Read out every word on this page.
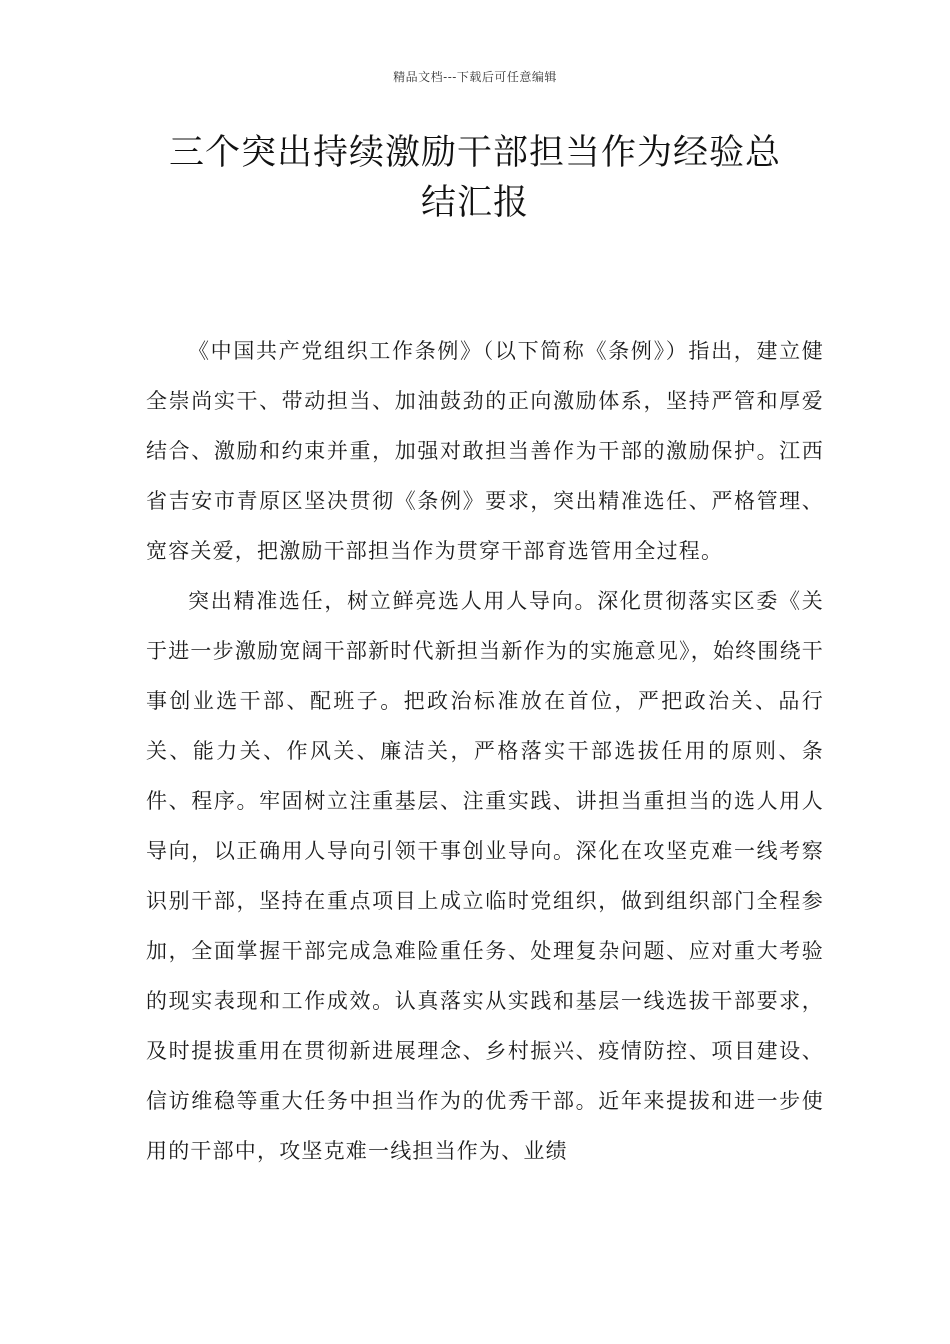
精品文档---下载后可任意编辑
三个突出持续激励干部担当作为经验总
结汇报

《中国共产党组织工作条例》（以下简称《条例》）指出，建立健全崇尚实干、带动担当、加油鼓劲的正向激励体系，坚持严管和厚爱结合、激励和约束并重，加强对敢担当善作为干部的激励保护。江西省吉安市青原区坚决贯彻《条例》要求，突出精准选任、严格管理、宽容关爱，把激励干部担当作为贯穿干部育选管用全过程。

突出精准选任，树立鲜亮选人用人导向。深化贯彻落实区委《关于进一步激励宽阔干部新时代新担当新作为的实施意见》，始终围绕干事创业选干部、配班子。把政治标准放在首位，严把政治关、品行关、能力关、作风关、廉洁关，严格落实干部选拔任用的原则、条件、程序。牢固树立注重基层、注重实践、讲担当重担当的选人用人导向，以正确用人导向引领干事创业导向。深化在攻坚克难一线考察识别干部，坚持在重点项目上成立临时党组织，做到组织部门全程参加，全面掌握干部完成急难险重任务、处理复杂问题、应对重大考验的现实表现和工作成效。认真落实从实践和基层一线选拔干部要求，及时提拔重用在贯彻新进展理念、乡村振兴、疫情防控、项目建设、信访维稳等重大任务中担当作为的优秀干部。近年来提拔和进一步使用的干部中，攻坚克难一线担当作为、业绩
